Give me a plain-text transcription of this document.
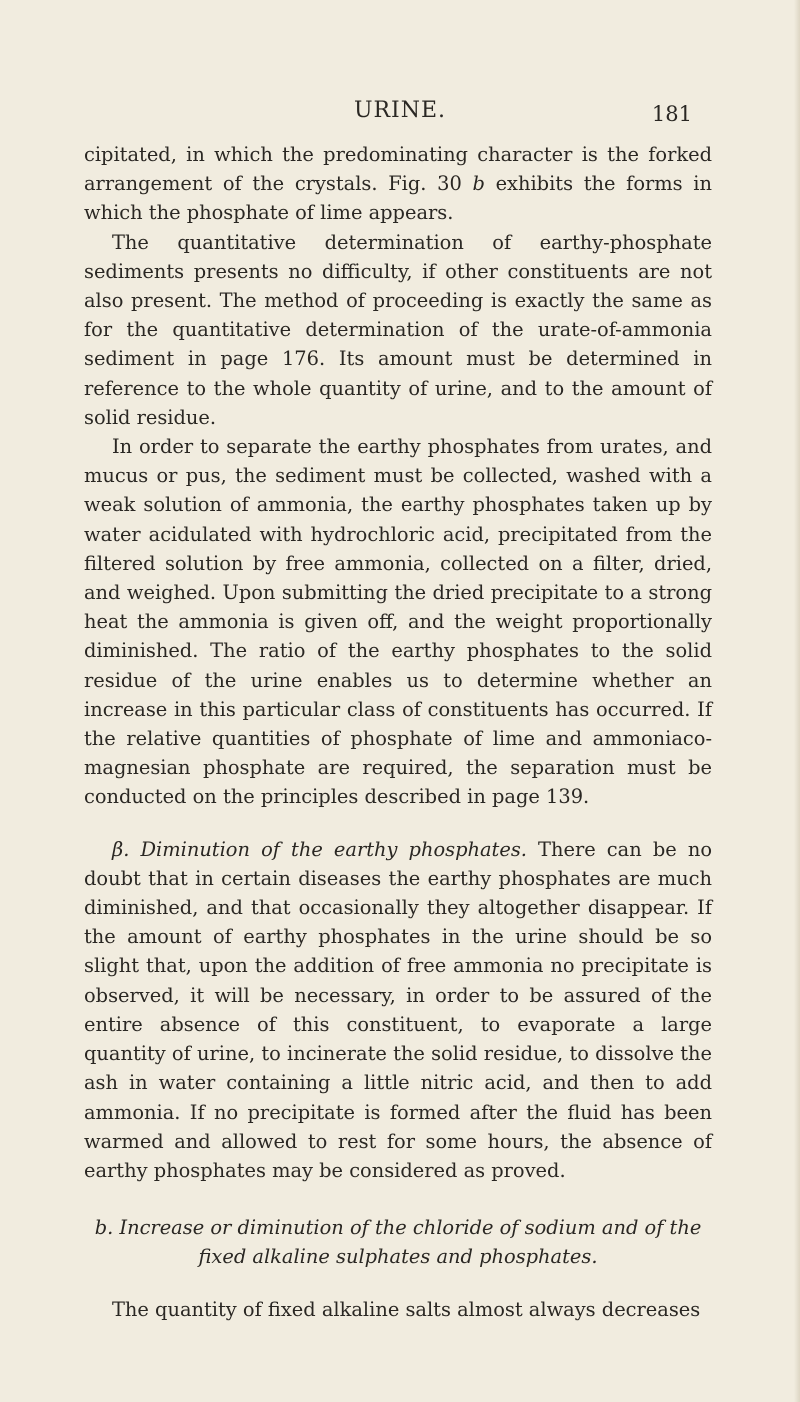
URINE.	181

cipitated, in which the predominating character is the forked arrangement of the crystals. Fig. 30 b exhibits the forms in which the phosphate of lime appears.

The quantitative determination of earthy-phosphate sediments presents no difficulty, if other constituents are not also present. The method of proceeding is exactly the same as for the quantitative determination of the urate-of-ammonia sediment in page 176. Its amount must be determined in reference to the whole quantity of urine, and to the amount of solid residue.

In order to separate the earthy phosphates from urates, and mucus or pus, the sediment must be collected, washed with a weak solution of ammonia, the earthy phosphates taken up by water acidulated with hydrochloric acid, precipitated from the filtered solution by free ammonia, collected on a filter, dried, and weighed. Upon submitting the dried precipitate to a strong heat the ammonia is given off, and the weight proportionally diminished. The ratio of the earthy phosphates to the solid residue of the urine enables us to determine whether an increase in this particular class of constituents has occurred. If the relative quantities of phosphate of lime and ammoniaco-magnesian phosphate are required, the separation must be conducted on the principles described in page 139.

β. Diminution of the earthy phosphates. There can be no doubt that in certain diseases the earthy phosphates are much diminished, and that occasionally they altogether disappear. If the amount of earthy phosphates in the urine should be so slight that, upon the addition of free ammonia no precipitate is observed, it will be necessary, in order to be assured of the entire absence of this constituent, to evaporate a large quantity of urine, to incinerate the solid residue, to dissolve the ash in water containing a little nitric acid, and then to add ammonia. If no precipitate is formed after the fluid has been warmed and allowed to rest for some hours, the absence of earthy phosphates may be considered as proved.

b. Increase or diminution of the chloride of sodium and of the fixed alkaline sulphates and phosphates.

The quantity of fixed alkaline salts almost always decreases
